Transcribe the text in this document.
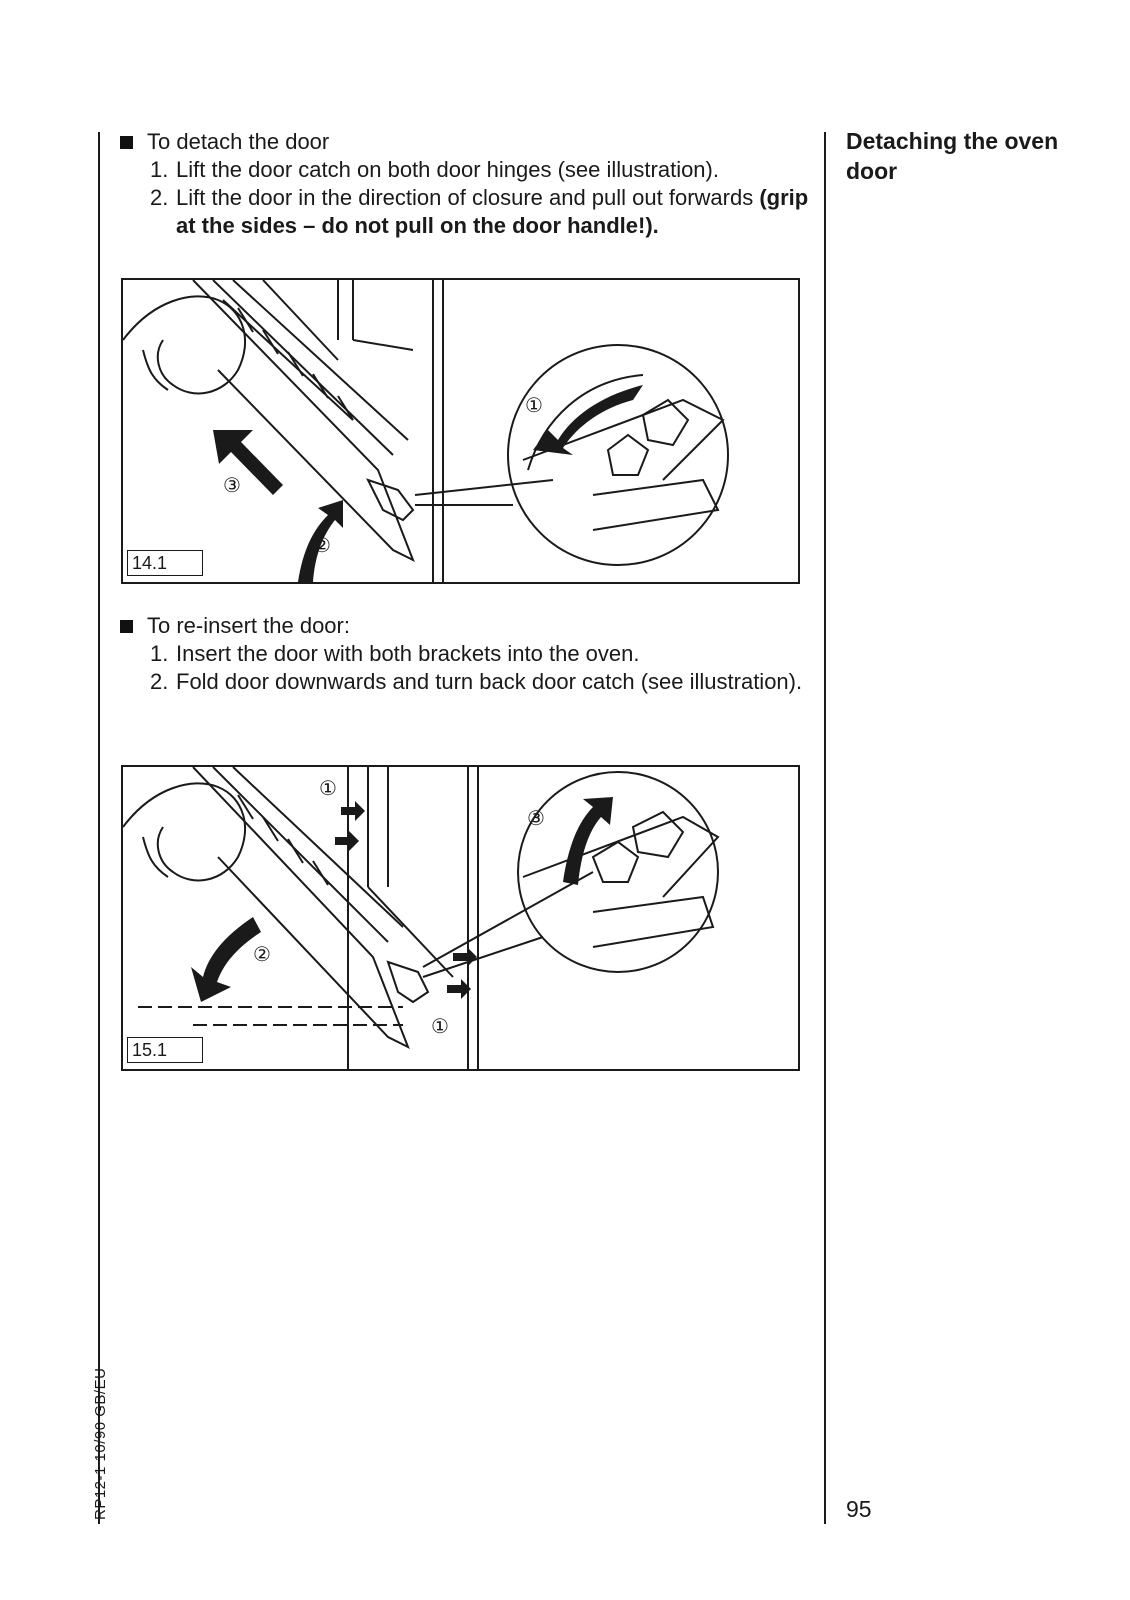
Detaching the oven door
To detach the door
1. Lift the door catch on both door hinges (see illustration).
2. Lift the door in the direction of closure and pull out forwards (grip at the sides – do not pull on the door handle!).
①
②
③
14.1
To re-insert the door:
1. Insert the door with both brackets into the oven.
2. Fold door downwards and turn back door catch (see illustration).
①
②
③
①
15.1
95
RP12-1 10/90 GB/EU
